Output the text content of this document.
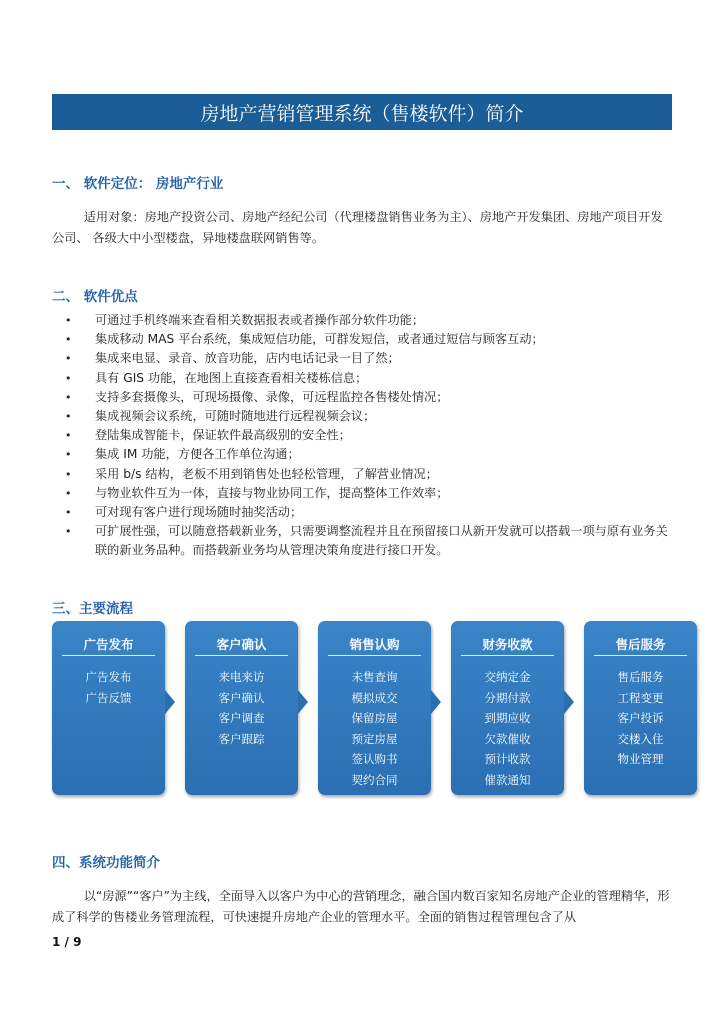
房地产营销管理系统（售楼软件）简介
一、 软件定位： 房地产行业
适用对象：房地产投资公司、房地产经纪公司（代理楼盘销售业务为主）、房地产开发集团、房地产项目开发公司、 各级大中小型楼盘，异地楼盘联网销售等。
二、 软件优点
• 可通过手机终端来查看相关数据报表或者操作部分软件功能；
• 集成移动 MAS 平台系统，集成短信功能，可群发短信，或者通过短信与顾客互动；
• 集成来电显、录音、放音功能，店内电话记录一目了然；
• 具有 GIS 功能，在地图上直接查看相关楼栋信息；
• 支持多套摄像头，可现场摄像、录像，可远程监控各售楼处情况；
• 集成视频会议系统，可随时随地进行远程视频会议；
• 登陆集成智能卡，保证软件最高级别的安全性；
• 集成 IM 功能，方便各工作单位沟通；
• 采用 b/s 结构，老板不用到销售处也轻松管理，了解营业情况；
• 与物业软件互为一体，直接与物业协同工作，提高整体工作效率；
• 可对现有客户进行现场随时抽奖活动；
• 可扩展性强，可以随意搭载新业务，只需要调整流程并且在预留接口从新开发就可以搭载一项与原有业务关联的新业务品种。而搭载新业务均从管理决策角度进行接口开发。
三、主要流程
广告发布
广告发布
广告反馈
客户确认
来电来访
客户确认
客户调查
客户跟踪
销售认购
未售查询
模拟成交
保留房屋
预定房屋
签认购书
契约合同
财务收款
交纳定金
分期付款
到期应收
欠款催收
预计收款
催款通知
售后服务
售后服务
工程变更
客户投诉
交楼入住
物业管理
四、系统功能简介
以“房源”“客户”为主线，全面导入以客户为中心的营销理念，融合国内数百家知名房地产企业的管理精华，形成了科学的售楼业务管理流程，可快速提升房地产企业的管理水平。全面的销售过程管理包含了从
1 / 9
